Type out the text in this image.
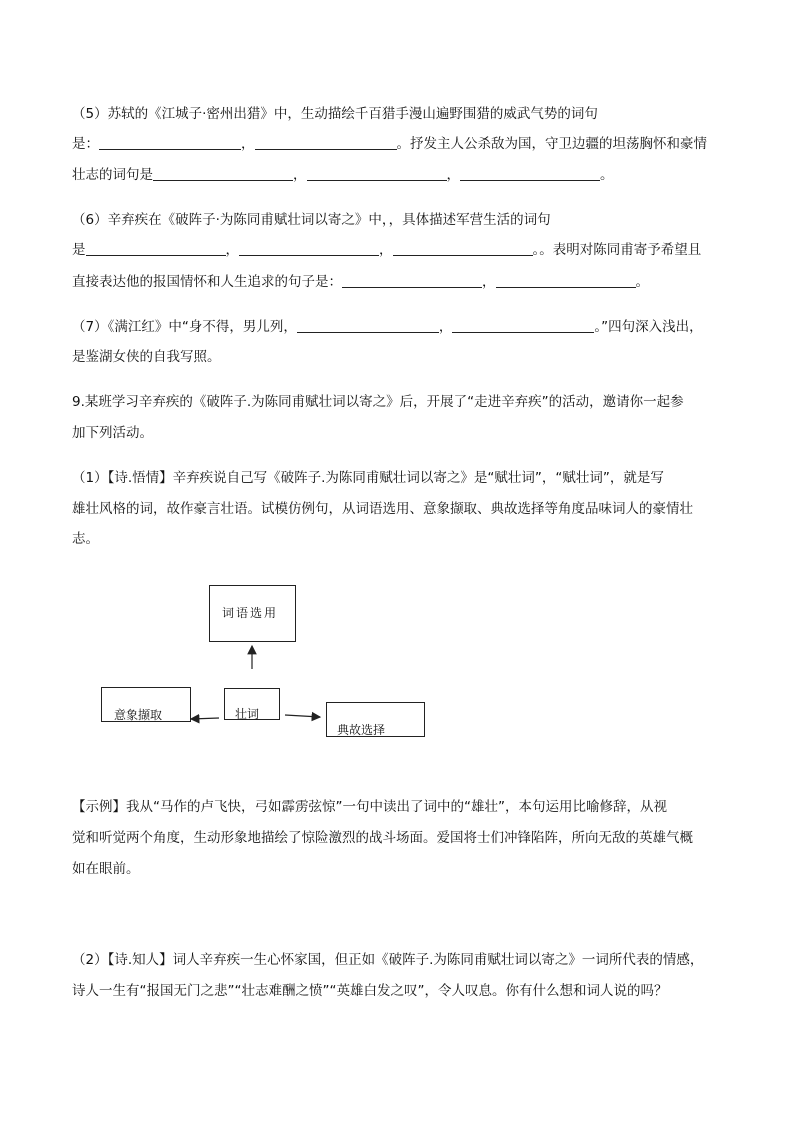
（5）苏轼的《江城子·密州出猎》中，生动描绘千百猎手漫山遍野围猎的威武气势的词句
是：	，	。抒发主人公杀敌为国，守卫边疆的坦荡胸怀和豪情
壮志的词句是	，	，	。
（6）辛弃疾在《破阵子·为陈同甫赋壮词以寄之》中，，具体描述军营生活的词句
是	，	，	。。表明对陈同甫寄予希望且
直接表达他的报国情怀和人生追求的句子是：	，	。
（7）《满江红》中“身不得，男儿列，	，	。”四句深入浅出，
是鉴湖女侠的自我写照。
9.某班学习辛弃疾的《破阵子.为陈同甫赋壮词以寄之》后，开展了“走进辛弃疾”的活动，邀请你一起参
加下列活动。
（1）【诗.悟情】辛弃疾说自己写《破阵子.为陈同甫赋壮词以寄之》是“赋壮词”，“赋壮词”，就是写
雄壮风格的词，故作豪言壮语。试模仿例句，从词语选用、意象撷取、典故选择等角度品味词人的豪情壮
志。
词语选用
壮词
意象撷取
典故选择
【示例】我从“马作的卢飞快，弓如霹雳弦惊”一句中读出了词中的“雄壮”，本句运用比喻修辞，从视
觉和听觉两个角度，生动形象地描绘了惊险激烈的战斗场面。爱国将士们冲锋陷阵，所向无敌的英雄气概
如在眼前。
（2）【诗.知人】词人辛弃疾一生心怀家国，但正如《破阵子.为陈同甫赋壮词以寄之》一词所代表的情感，
诗人一生有“报国无门之悲”“壮志难酬之愤”“英雄白发之叹”，令人叹息。你有什么想和词人说的吗？
